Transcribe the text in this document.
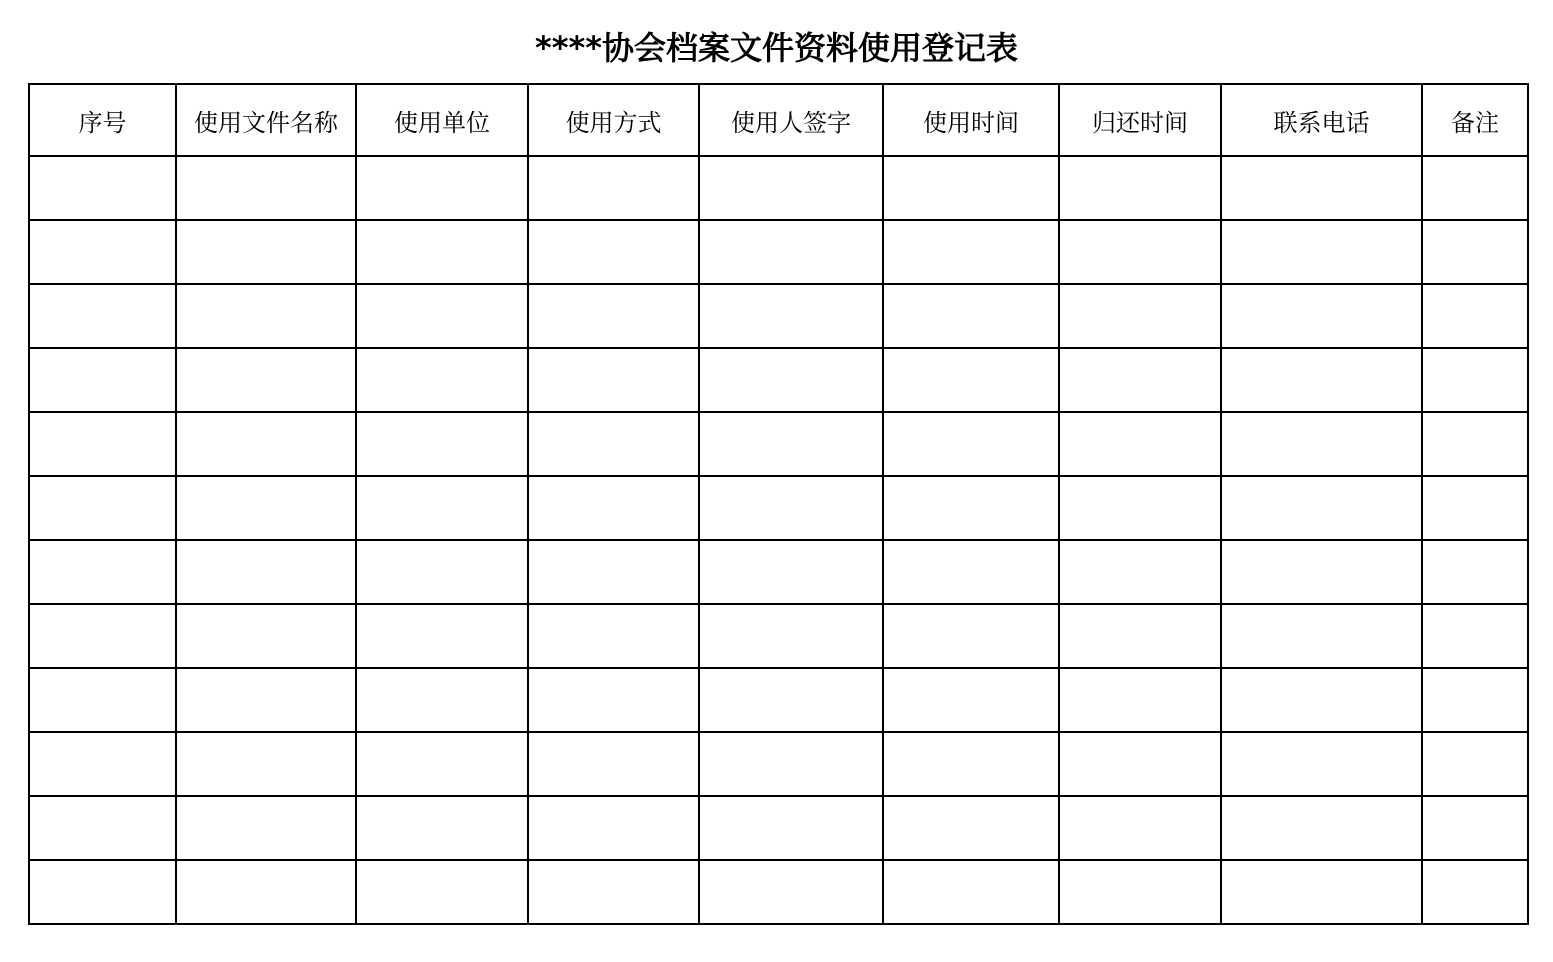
****协会档案文件资料使用登记表
序号	使用文件名称	使用单位	使用方式	使用人签字	使用时间	归还时间	联系电话	备注
